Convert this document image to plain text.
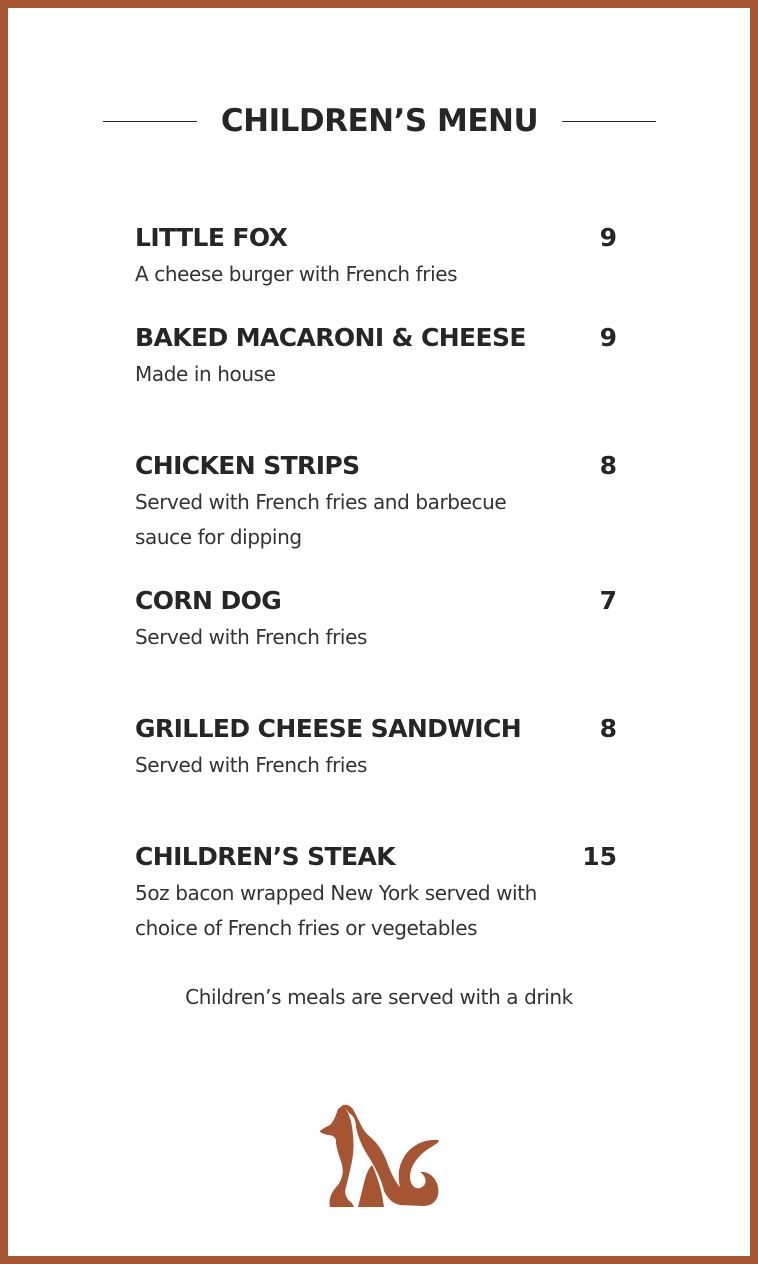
CHILDREN’S MENU
LITTLE FOX	9
A cheese burger with French fries
BAKED MACARONI & CHEESE	9
Made in house
CHICKEN STRIPS	8
Served with French fries and barbecue sauce for dipping
CORN DOG	7
Served with French fries
GRILLED CHEESE SANDWICH	8
Served with French fries
CHILDREN’S STEAK	15
5oz bacon wrapped New York served with choice of French fries or vegetables

Children’s meals are served with a drink
